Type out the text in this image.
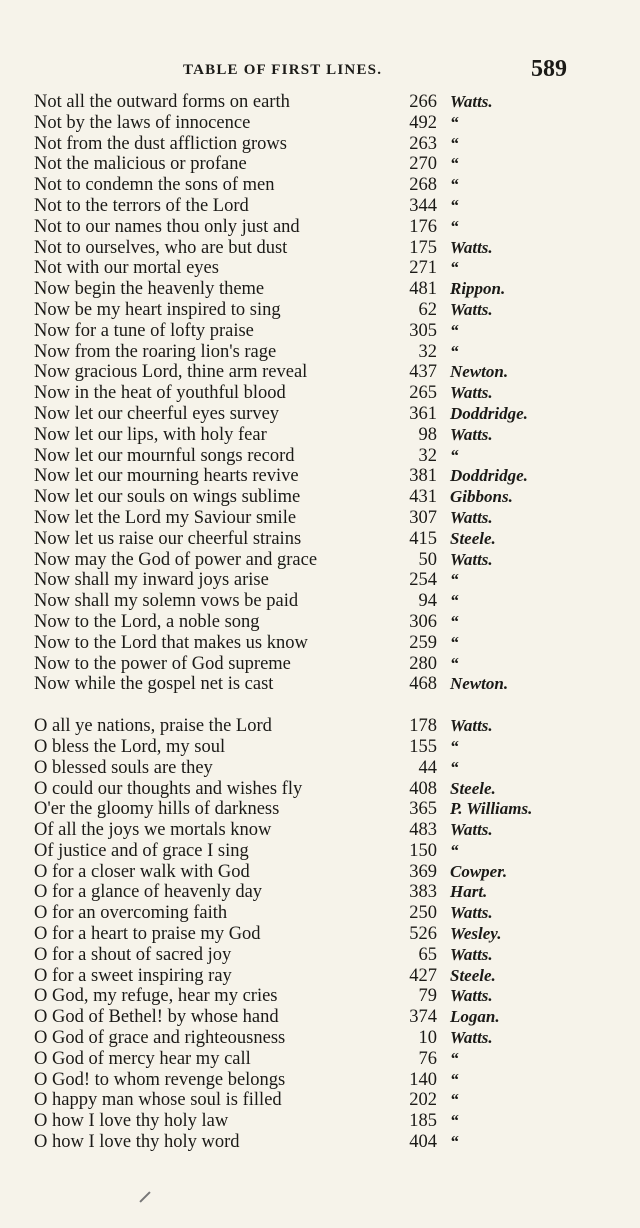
TABLE OF FIRST LINES.	589
Not all the outward forms on earth	266 Watts.
Not by the laws of innocence	492 “
Not from the dust affliction grows	263 “
Not the malicious or profane	270 “
Not to condemn the sons of men	268 “
Not to the terrors of the Lord	344 “
Not to our names thou only just and	176 “
Not to ourselves, who are but dust	175 Watts.
Not with our mortal eyes	271 “
Now begin the heavenly theme	481 Rippon.
Now be my heart inspired to sing	62 Watts.
Now for a tune of lofty praise	305 “
Now from the roaring lion's rage	32 “
Now gracious Lord, thine arm reveal	437 Newton.
Now in the heat of youthful blood	265 Watts.
Now let our cheerful eyes survey	361 Doddridge.
Now let our lips, with holy fear	98 Watts.
Now let our mournful songs record	32 “
Now let our mourning hearts revive	381 Doddridge.
Now let our souls on wings sublime	431 Gibbons.
Now let the Lord my Saviour smile	307 Watts.
Now let us raise our cheerful strains	415 Steele.
Now may the God of power and grace	50 Watts.
Now shall my inward joys arise	254 “
Now shall my solemn vows be paid	94 “
Now to the Lord, a noble song	306 “
Now to the Lord that makes us know	259 “
Now to the power of God supreme	280 “
Now while the gospel net is cast	468 Newton.
O all ye nations, praise the Lord	178 Watts.
O bless the Lord, my soul	155 “
O blessed souls are they	44 “
O could our thoughts and wishes fly	408 Steele.
O'er the gloomy hills of darkness	365 P. Williams.
Of all the joys we mortals know	483 Watts.
Of justice and of grace I sing	150 “
O for a closer walk with God	369 Cowper.
O for a glance of heavenly day	383 Hart.
O for an overcoming faith	250 Watts.
O for a heart to praise my God	526 Wesley.
O for a shout of sacred joy	65 Watts.
O for a sweet inspiring ray	427 Steele.
O God, my refuge, hear my cries	79 Watts.
O God of Bethel! by whose hand	374 Logan.
O God of grace and righteousness	10 Watts.
O God of mercy hear my call	76 “
O God! to whom revenge belongs	140 “
O happy man whose soul is filled	202 “
O how I love thy holy law	185 “
O how I love thy holy word	404 “
